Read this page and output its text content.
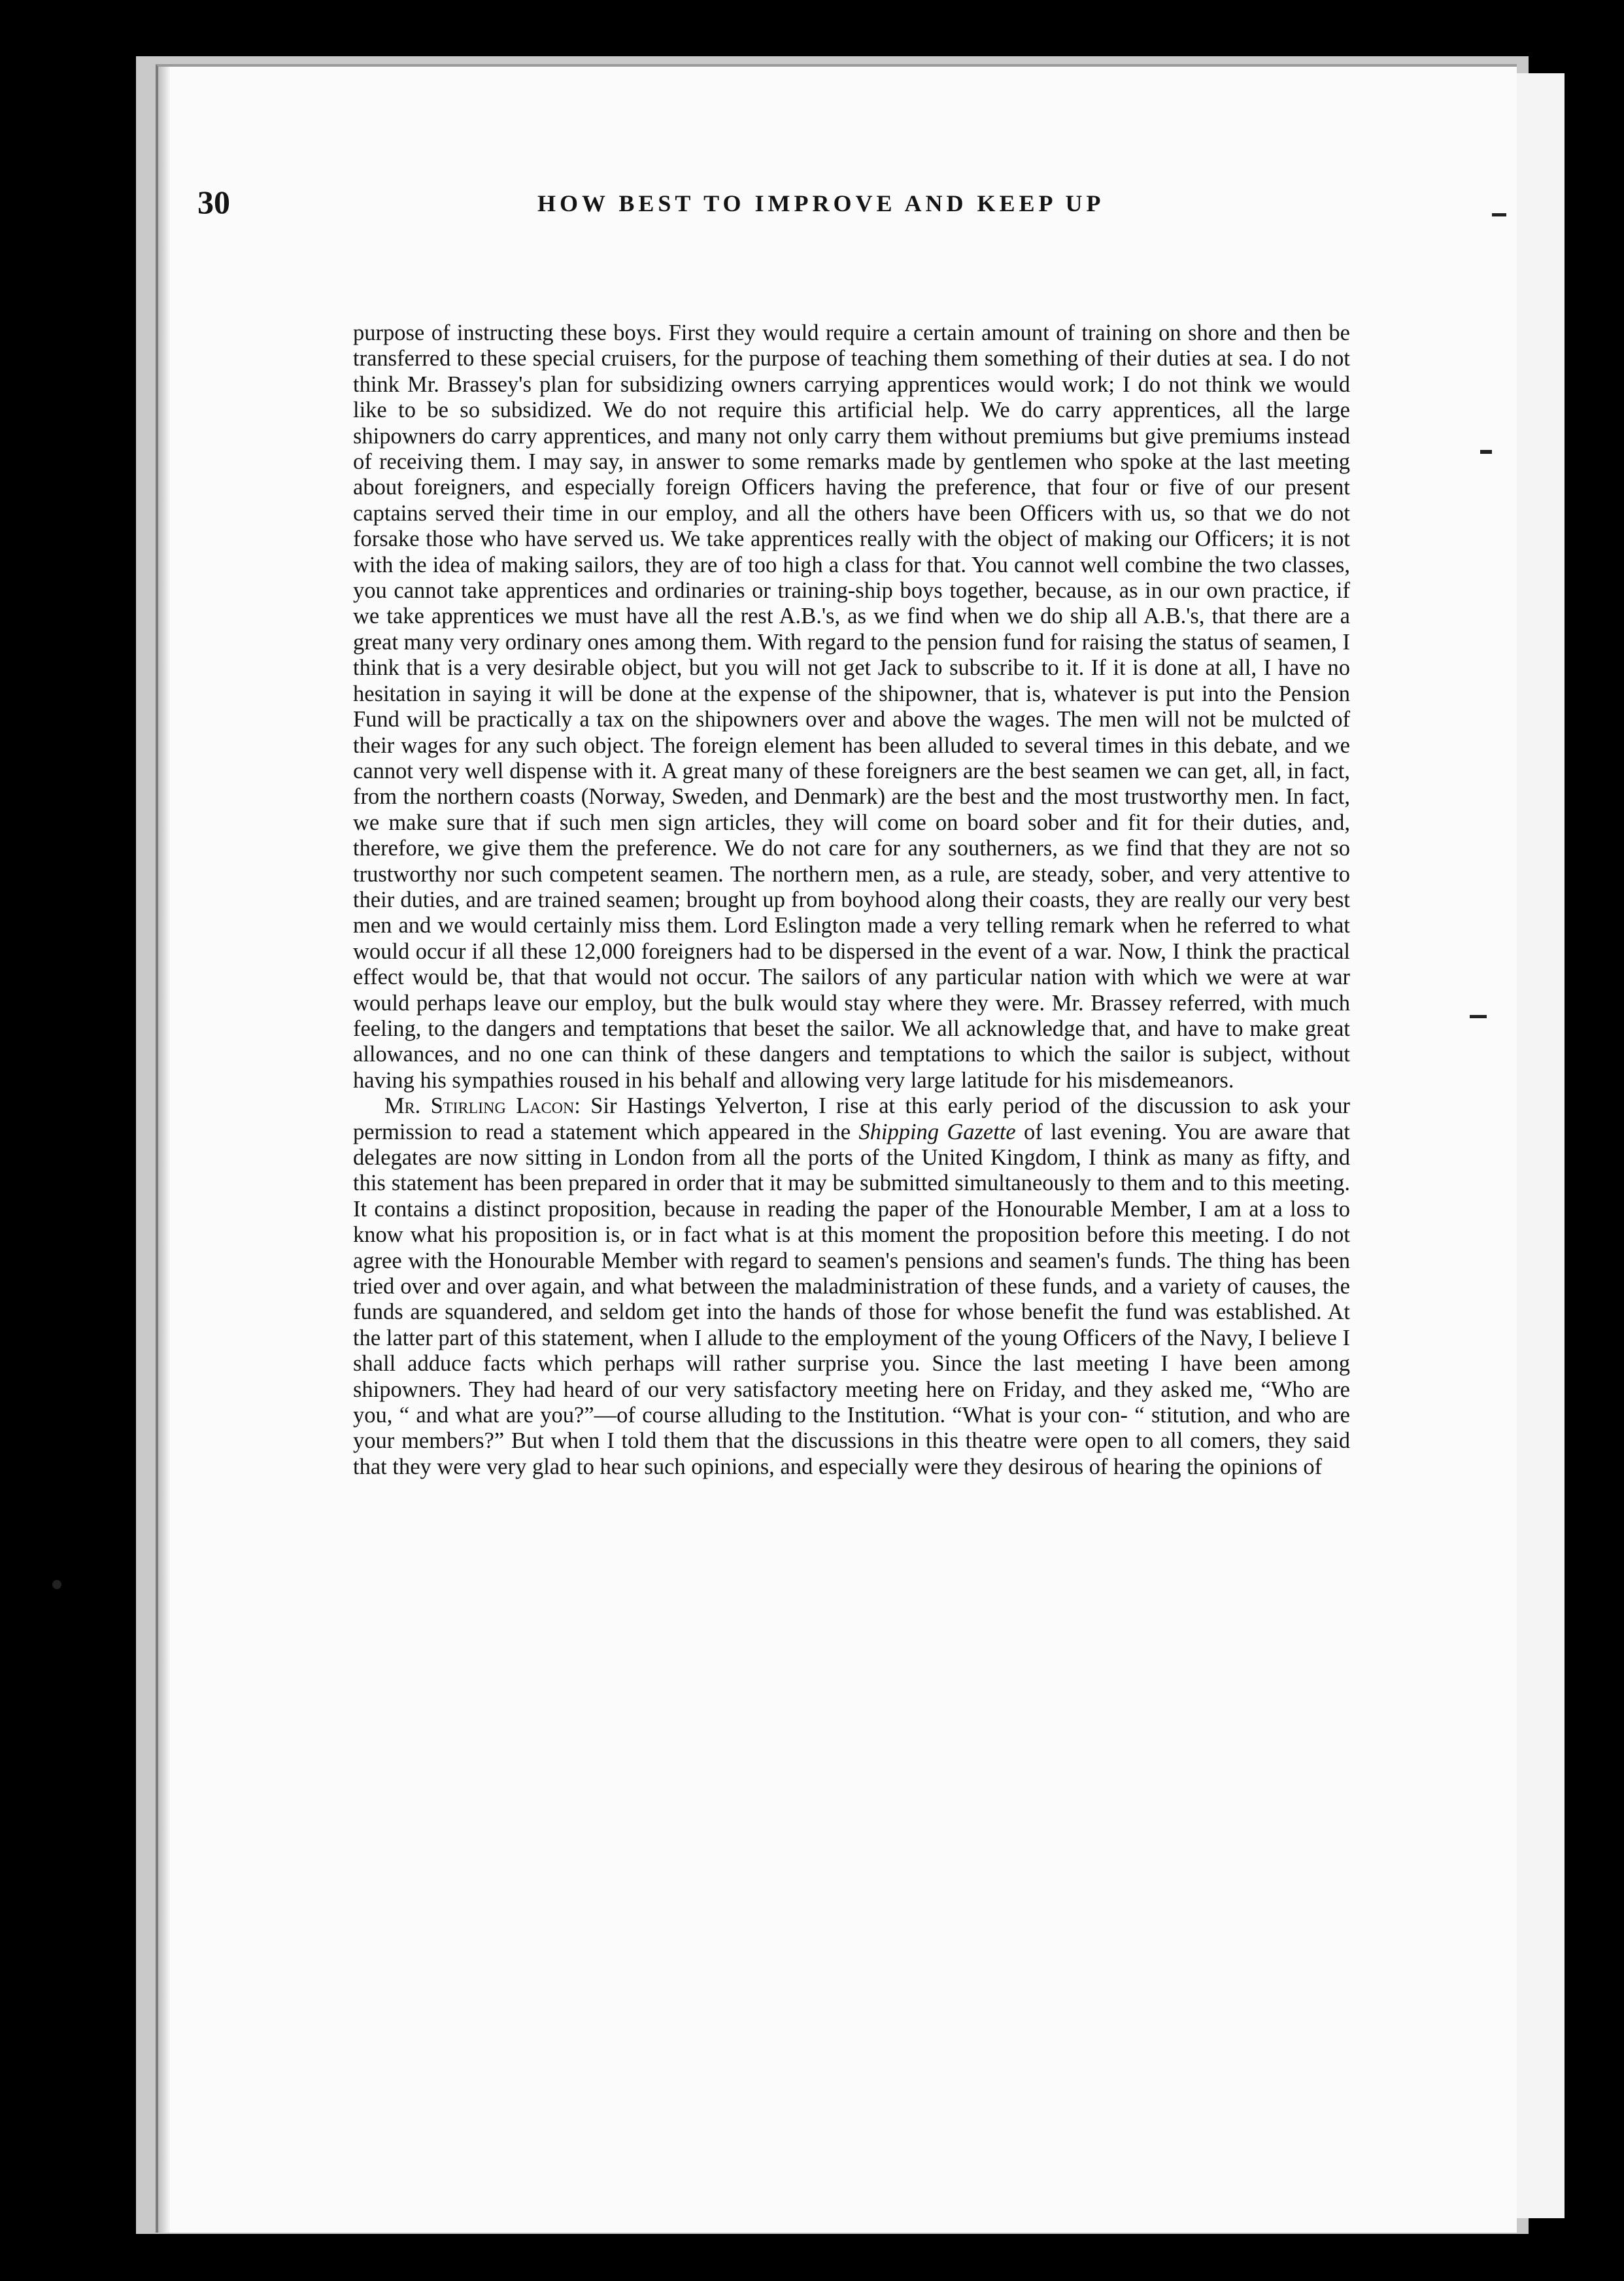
30	HOW BEST TO IMPROVE AND KEEP UP

purpose of instructing these boys. First they would require a certain amount of training on shore and then be transferred to these special cruisers, for the purpose of teaching them something of their duties at sea. I do not think Mr. Brassey's plan for subsidizing owners carrying apprentices would work; I do not think we would like to be so subsidized. We do not require this artificial help. We do carry apprentices, all the large shipowners do carry apprentices, and many not only carry them without premiums but give premiums instead of receiving them. I may say, in answer to some remarks made by gentlemen who spoke at the last meeting about foreigners, and especially foreign Officers having the preference, that four or five of our present captains served their time in our employ, and all the others have been Officers with us, so that we do not forsake those who have served us. We take apprentices really with the object of making our Officers; it is not with the idea of making sailors, they are of too high a class for that. You cannot well combine the two classes, you cannot take apprentices and ordinaries or training-ship boys together, because, as in our own practice, if we take apprentices we must have all the rest A.B.'s, as we find when we do ship all A.B.'s, that there are a great many very ordinary ones among them. With regard to the pension fund for raising the status of seamen, I think that is a very desirable object, but you will not get Jack to subscribe to it. If it is done at all, I have no hesitation in saying it will be done at the expense of the shipowner, that is, whatever is put into the Pension Fund will be practically a tax on the shipowners over and above the wages. The men will not be mulcted of their wages for any such object. The foreign element has been alluded to several times in this debate, and we cannot very well dispense with it. A great many of these foreigners are the best seamen we can get, all, in fact, from the northern coasts (Norway, Sweden, and Denmark) are the best and the most trustworthy men. In fact, we make sure that if such men sign articles, they will come on board sober and fit for their duties, and, therefore, we give them the preference. We do not care for any southerners, as we find that they are not so trustworthy nor such competent seamen. The northern men, as a rule, are steady, sober, and very attentive to their duties, and are trained seamen; brought up from boyhood along their coasts, they are really our very best men and we would certainly miss them. Lord Eslington made a very telling remark when he referred to what would occur if all these 12,000 foreigners had to be dispersed in the event of a war. Now, I think the practical effect would be, that that would not occur. The sailors of any particular nation with which we were at war would perhaps leave our employ, but the bulk would stay where they were. Mr. Brassey referred, with much feeling, to the dangers and temptations that beset the sailor. We all acknowledge that, and have to make great allowances, and no one can think of these dangers and temptations to which the sailor is subject, without having his sympathies roused in his behalf and allowing very large latitude for his misdemeanors.

Mr. Stirling Lacon: Sir Hastings Yelverton, I rise at this early period of the discussion to ask your permission to read a statement which appeared in the Shipping Gazette of last evening. You are aware that delegates are now sitting in London from all the ports of the United Kingdom, I think as many as fifty, and this statement has been prepared in order that it may be submitted simultaneously to them and to this meeting. It contains a distinct proposition, because in reading the paper of the Honourable Member, I am at a loss to know what his proposition is, or in fact what is at this moment the proposition before this meeting. I do not agree with the Honourable Member with regard to seamen's pensions and seamen's funds. The thing has been tried over and over again, and what between the maladministration of these funds, and a variety of causes, the funds are squandered, and seldom get into the hands of those for whose benefit the fund was established. At the latter part of this statement, when I allude to the employment of the young Officers of the Navy, I believe I shall adduce facts which perhaps will rather surprise you. Since the last meeting I have been among shipowners. They had heard of our very satisfactory meeting here on Friday, and they asked me, “Who are you, “ and what are you?”—of course alluding to the Institution. “What is your con- “ stitution, and who are your members?” But when I told them that the discussions in this theatre were open to all comers, they said that they were very glad to hear such opinions, and especially were they desirous of hearing the opinions of
